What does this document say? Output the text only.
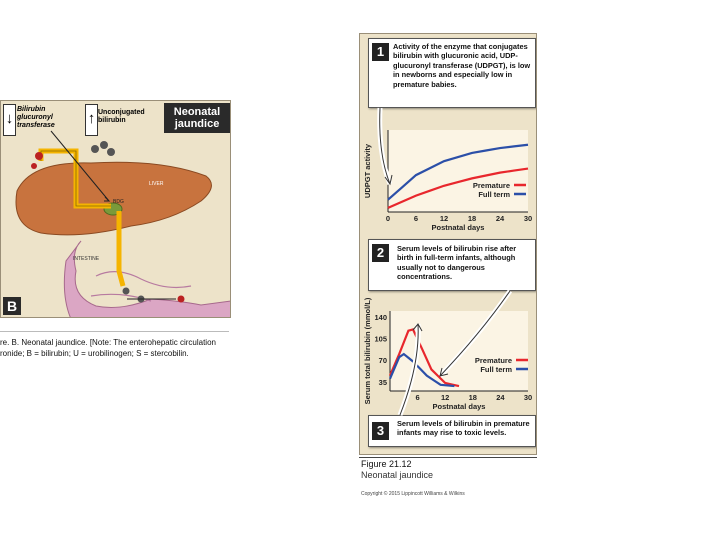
↓
Bilirubin glucuronyl transferase	↑ Unconjugated bilirubin
Neonatal jaundice
LIVER
INTESTINE
BDG
B
re. B. Neonatal jaundice. [Note: The enterohepatic circulation
ronide; B = bilirubin; U = urobilinogen; S = stercobilin.
1	Activity of the enzyme that conjugates bilirubin with glucuronic acid, UDP-glucuronyl transferase (UDPGT), is low in newborns and especially low in premature babies.
0	6	12	18	24	30
Postnatal days
UDPGT activity	Premature
Full term
2	Serum levels of bilirubin rise after birth in full-term infants, although usually not to dangerous concentrations.
6	12	18	24	30
35
70
105
140
Postnatal days
Serum total bilirubin (mmol/L)	Premature
Full term
3	Serum levels of bilirubin in premature infants may rise to toxic levels.
Figure 21.12
Neonatal jaundice
Copyright © 2015 Lippincott Williams & Wilkins
